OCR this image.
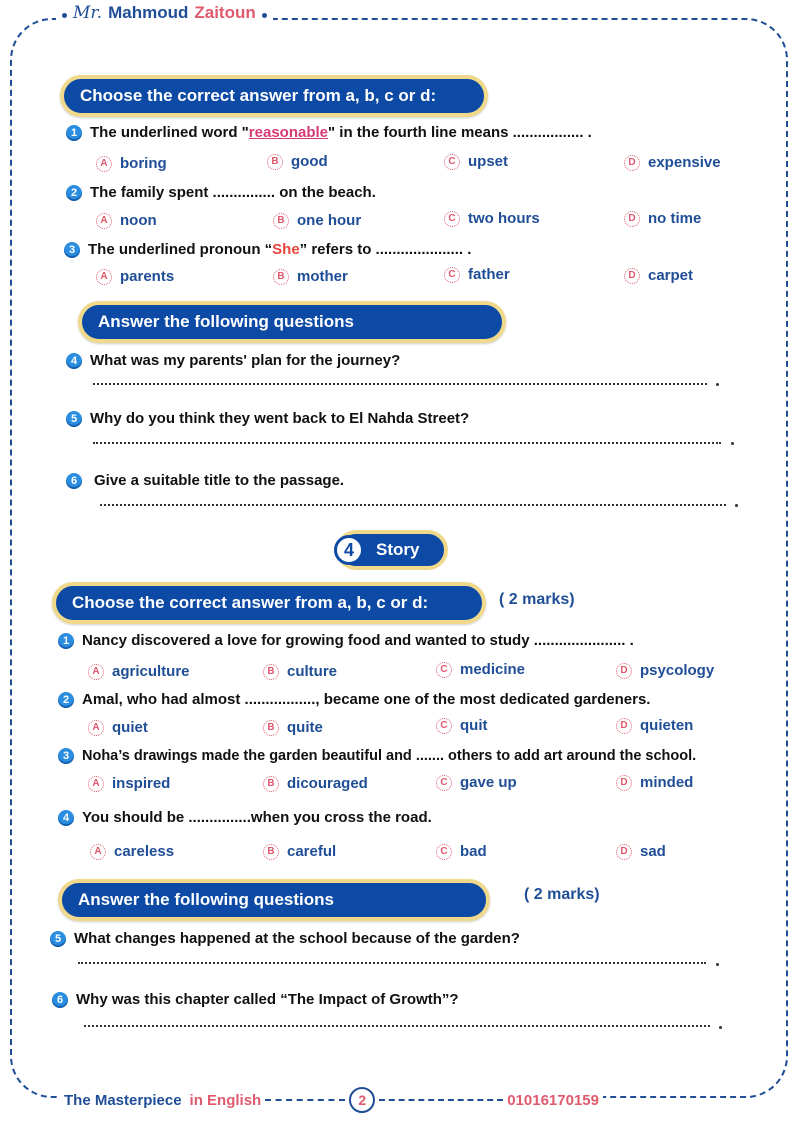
Mr. Mahmoud Zaitoun
Choose the correct answer from a, b, c or d:
1 The underlined word " reasonable " in the fourth line means ................. .
A boring	B good	C upset	D expensive
2 The family spent ............... on the beach.
A noon	B one hour	C two hours	D no time
3 The underlined pronoun “ She ” refers to ..................... .
A parents	B mother	C father	D carpet
Answer the following questions
4 What was my parents' plan for the journey?
5 Why do you think they went back to El Nahda Street?
6	Give a suitable title to the passage.
4	Story
Choose the correct answer from a, b, c or d:	( 2 marks)
1 Nancy discovered a love for growing food and wanted to study ...................... .
A agriculture	B culture	C medicine	D psycology
2 Amal, who had almost ................., became one of the most dedicated gardeners.
A quiet	B quite	C quit	D quieten
3 Noha’s drawings made the garden beautiful and ....... others to add art around the school.
A inspired	B dicouraged	C gave up	D minded
4 You should be ...............when you cross the road.
A careless	B careful	C bad	D sad
Answer the following questions	( 2 marks)
5 What changes happened at the school because of the garden?
6 Why was this chapter called “The Impact of Growth”?
The Masterpiece in English	2	01016170159
